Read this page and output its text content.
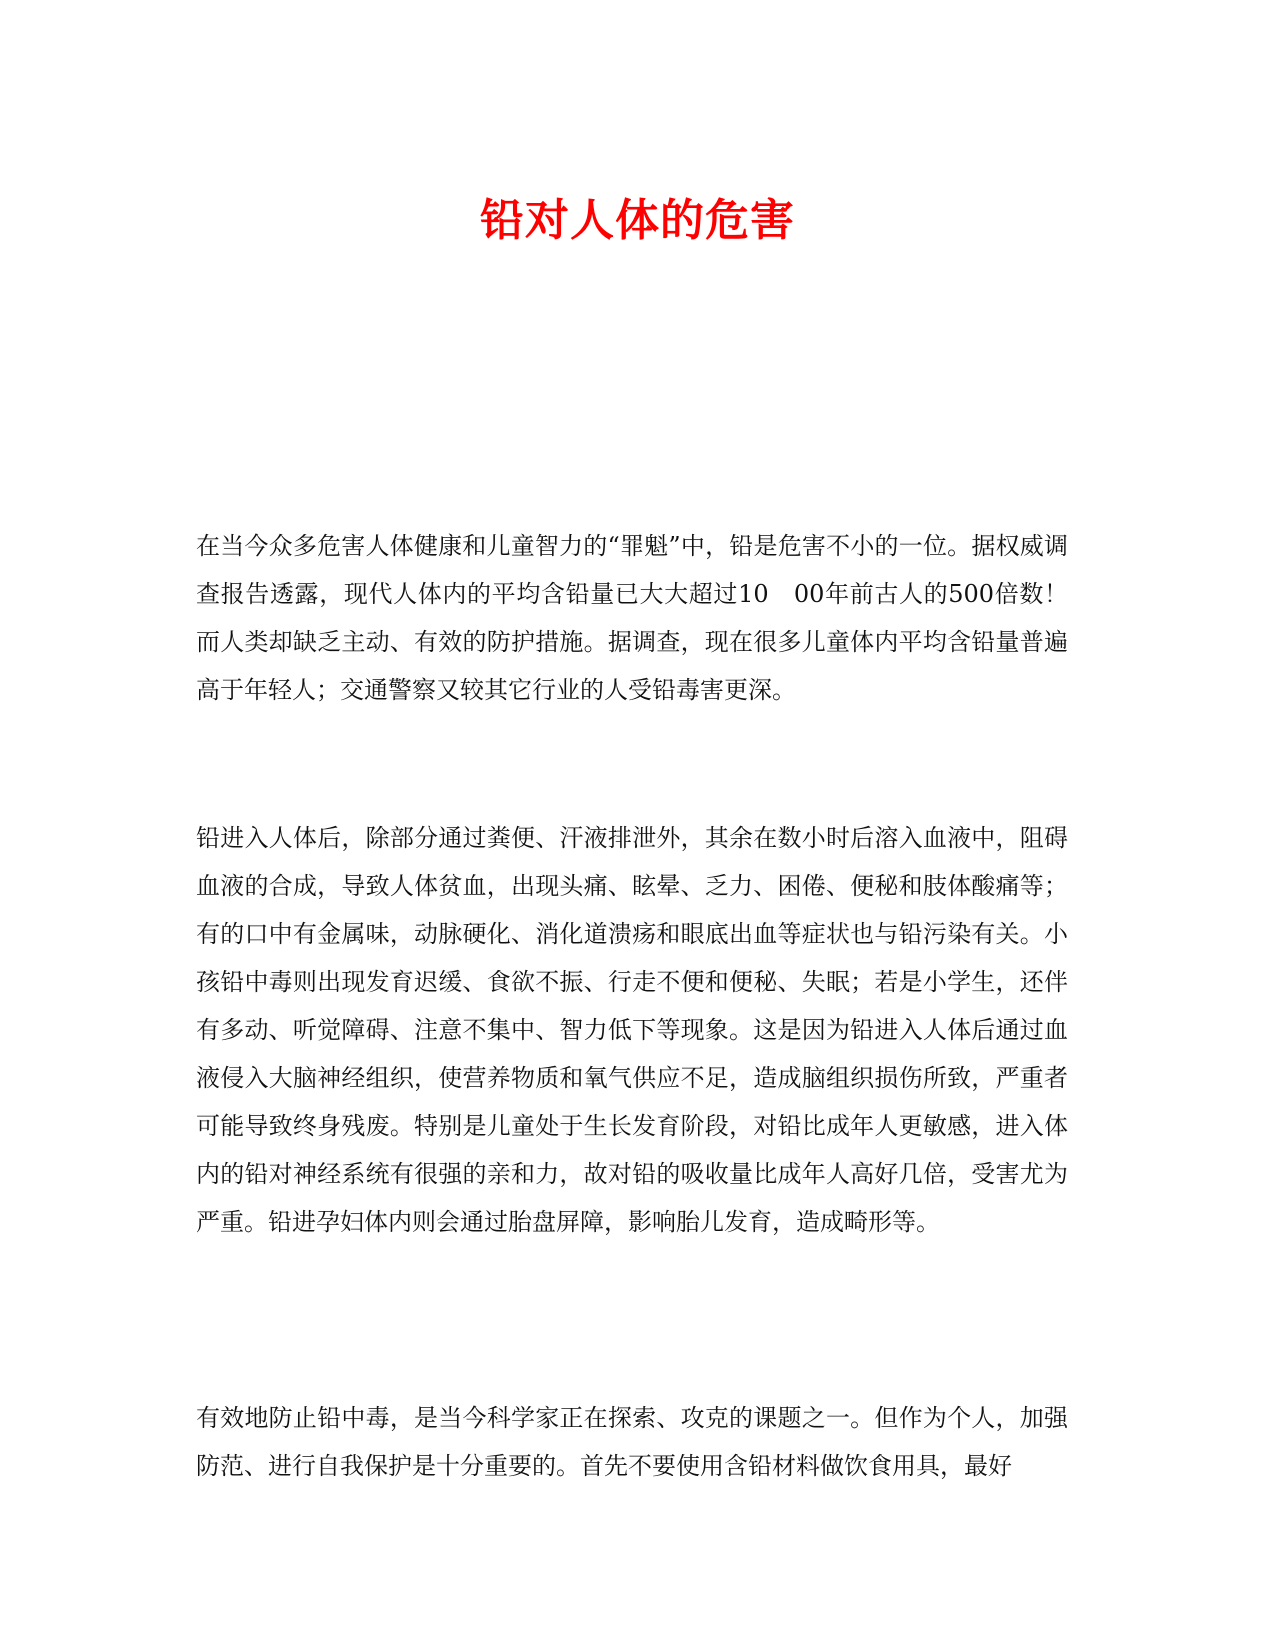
铅对人体的危害

在当今众多危害人体健康和儿童智力的“罪魁”中，铅是危害不小的一位。据权威调查报告透露，现代人体内的平均含铅量已大大超过10　00年前古人的500倍数！而人类却缺乏主动、有效的防护措施。据调查，现在很多儿童体内平均含铅量普遍高于年轻人；交通警察又较其它行业的人受铅毒害更深。

铅进入人体后，除部分通过粪便、汗液排泄外，其余在数小时后溶入血液中，阻碍血液的合成，导致人体贫血，出现头痛、眩晕、乏力、困倦、便秘和肢体酸痛等；有的口中有金属味，动脉硬化、消化道溃疡和眼底出血等症状也与铅污染有关。小孩铅中毒则出现发育迟缓、食欲不振、行走不便和便秘、失眠；若是小学生，还伴有多动、听觉障碍、注意不集中、智力低下等现象。这是因为铅进入人体后通过血液侵入大脑神经组织，使营养物质和氧气供应不足，造成脑组织损伤所致，严重者可能导致终身残废。特别是儿童处于生长发育阶段，对铅比成年人更敏感，进入体内的铅对神经系统有很强的亲和力，故对铅的吸收量比成年人高好几倍，受害尤为严重。铅进孕妇体内则会通过胎盘屏障，影响胎儿发育，造成畸形等。

有效地防止铅中毒，是当今科学家正在探索、攻克的课题之一。但作为个人，加强防范、进行自我保护是十分重要的。首先不要使用含铅材料做饮食用具，最好
